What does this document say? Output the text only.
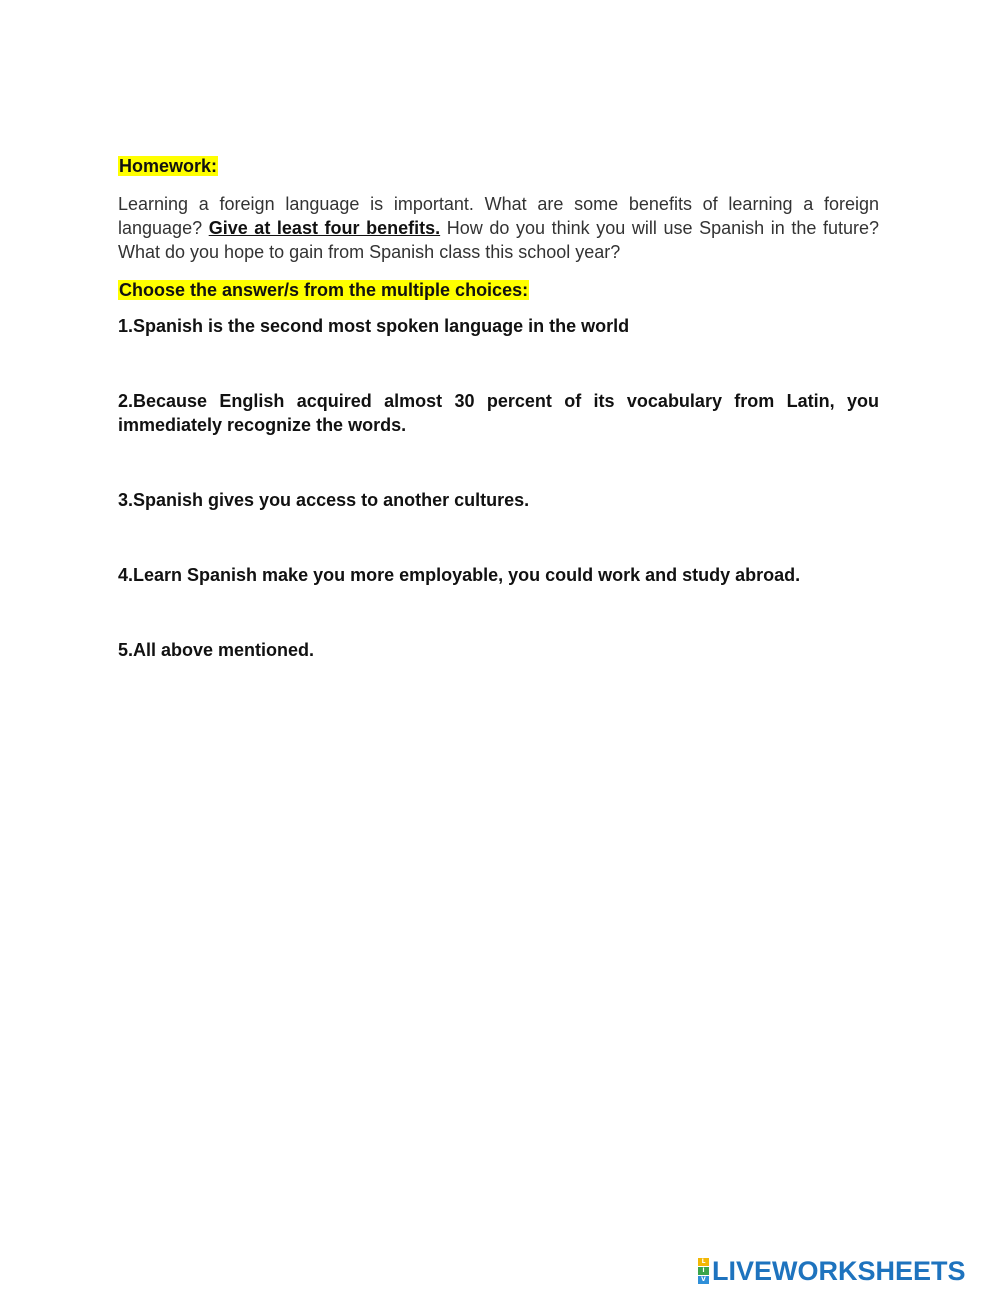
Homework:

Learning a foreign language is important. What are some benefits of learning a foreign language? Give at least four benefits. How do you think you will use Spanish in the future? What do you hope to gain from Spanish class this school year?

Choose the answer/s from the multiple choices:

1.Spanish is the second most spoken language in the world
2.Because English acquired almost 30 percent of its vocabulary from Latin, you immediately recognize the words.
3.Spanish gives you access to another cultures.
4.Learn Spanish make you more employable, you could work and study abroad.
5.All above mentioned.
L
I
V LIVEWORKSHEETS
